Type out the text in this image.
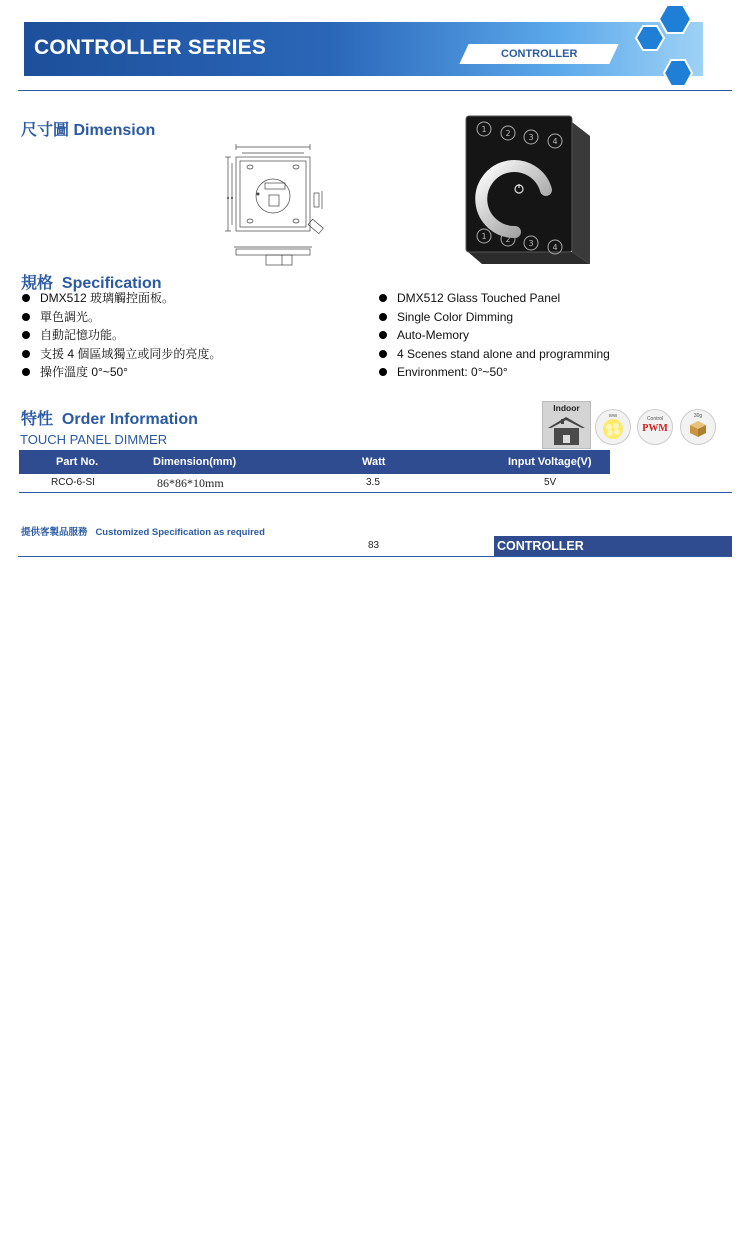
CONTROLLER SERIES	CONTROLLER
尺寸圖 Dimension	1 2 3 4
1 2 3 4
規格 Specification
DMX512 玻璃觸控面板。
單色調光。
自動記憶功能。
支援 4 個區域獨立或同步的亮度。
操作溫度 0°~50°
DMX512 Glass Touched Panel
Single Color Dimming
Auto-Memory
4 Scenes stand alone and programming
Environment: 0°~50°
特性 Order Information
TOUCH PANEL DIMMER
Indoor
WW
Control
PWM
30g
Part No.	Dimension(mm)	Watt	Input Voltage(V)
RCO-6-SI	86*86*10mm	3.5	5V
提供客製品服務 Customized Specification as required
83	CONTROLLER
